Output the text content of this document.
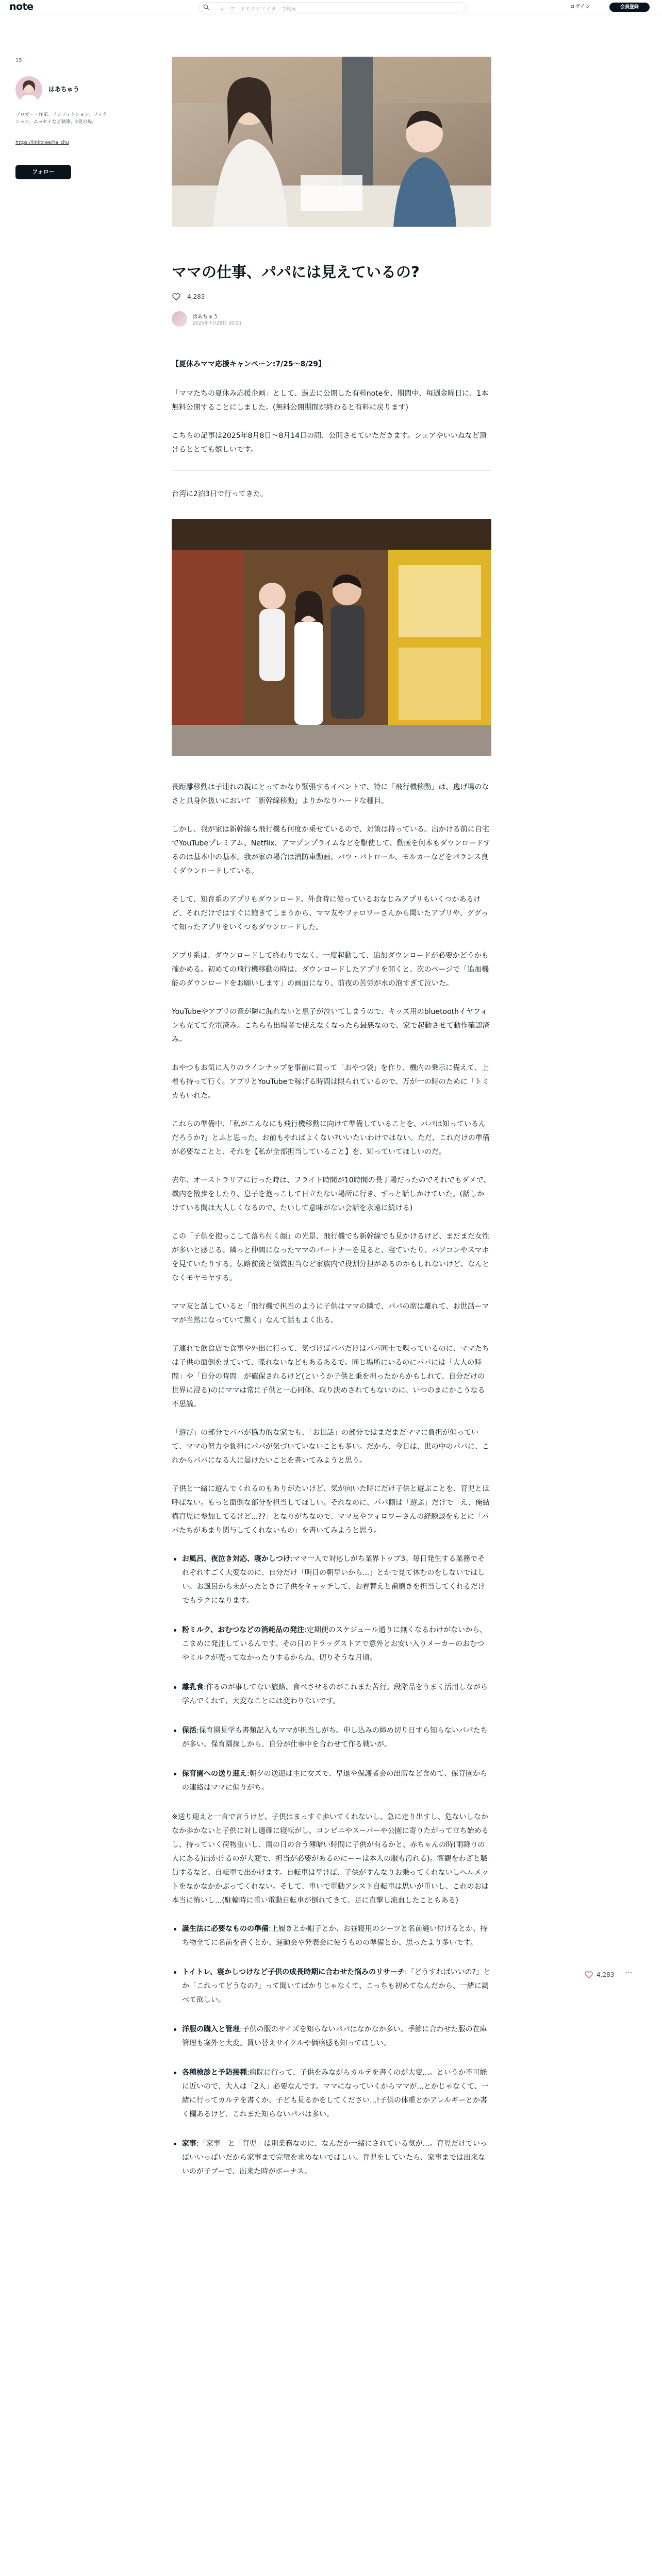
note	キーワードやクリエイターで検索	ログイン	会員登録
15
はあちゅう
ブロガー・作家。ノンフィクション、フィクション、エッセイなど執筆。2児の母。
https://linktr.ee/ha_chu
フォロー
ママの仕事、パパには見えているの?
4,283
はあちゅう
2025年7月28日 10:51

【夏休みママ応援キャンペーン:7/25〜8/29】

「ママたちの夏休み応援企画」として、過去に公開した有料noteを、期間中、毎週金曜日に、1本無料公開することにしました。(無料公開期間が終わると有料に戻ります)

こちらの記事は2025年8月8日〜8月14日の間、公開させていただきます。シェアやいいねなど頂けるととても嬉しいです。

台湾に2泊3日で行ってきた。

長距離移動は子連れの親にとってかなり緊張するイベントで、特に「飛行機移動」は、逃げ場のなさと具身体扱いにおいて「新幹線移動」よりかなりハードな種目。

しかし、我が家は新幹線も飛行機も何度か乗せているので、対策は持っている。出かける前に自宅でYouTubeプレミアム、Netflix、アマゾンプライムなどを駆使して、動画を何本もダウンロードするのは基本中の基本。我が家の場合は消防車動画、パウ・パトロール、モルカーなどをパランス良くダウンロードしている。

そして、知育系のアプリもダウンロード。外食時に使っているおなじみアプリもいくつかあるけど、それだけではすぐに飽きてしまうから、ママ友やフォロワーさんから聞いたアプリや、ググって知ったアプリをいくつもダウンロードした。

アプリ系は、ダウンロードして終わりでなく、一度起動して、追加ダウンロードが必要かどうかも確かめる。初めての飛行機移動の時は、ダウンロードしたアプリを開くと、次のページで「追加機能のダウンロードをお願いします」の画面になり、前夜の苦労が水の泡すぎて泣いた。

YouTubeやアプリの音が隣に漏れないと息子が泣いてしまうので、キッズ用のbluetoothイヤフォンも充てて充電済み。こちらも出場者で使えなくなったら最悪なので、家で起動させて動作確認済み。

おやつもお気に入りのラインナップを事前に買って「おやつ袋」を作り、機内の乗示に備えて、上着も持って行く。アプリとYouTubeで稼げる時間は限られているので、万が一の時のために「トミカもいれた。

これらの準備中、「私がこんなにも飛行機移動に向けて準備していることを、パパは知っているんだろうか?」とふと思った。お前もやればよくない?いいたいわけではない。ただ、これだけの準備が必要なことと、それを【私が全部担当していること】を、知っていてほしいのだ。

去年、オーストラリアに行った時は、フライト時間が10時間の長丁場だったのでそれでもダメで、機内を散歩をしたり、息子を抱っこして日立たない場所に行き、ずっと話しかけていた。(話しかけている間は大人しくなるので、たいして意味がない会話を永遠に続ける)

この「子供を抱っこして落ち付く顔」の光景、飛行機でも新幹線でも見かけるけど、まだまだ女性が多いと感じる。隣っと仲間になったママのパートナーを見ると、寝ていたり、パソコンやスマホを見ていたりする。伝路前後と微微担当など家族内で役割分担があるのかもしれないけど、なんとなくモヤモヤする。

ママ友と話していると「飛行機で担当のように子供はママの隣で、パパの席は離れて、お世話ーママが当然になっていて驚く」なんて話もよく出る。

子連れで飲食店で食事や外出に行って、気づけばパパだけはパパ同士で喋っているのに、ママたちは子供の面倒を見ていて、喋れないなどもあるあるで。同じ場所にいるのにパパには「大人の時間」や「自分の時間」が確保されるけど(というか子供と乗を担ったからかもしれて、自分だけの世界に浸る)のにママは常に子供と一心同体、取り決めされてもないのに、いつのまにかこうなる不思議。

「遊び」の部分でパパが協力的な家でも、「お世話」の部分ではまだまだママに負担が偏っていて、ママの努力や負担にパパが気づいていないことも多い。だから、今日は、世の中のパパに、これからパパになる人に届けたいことを書いてみようと思う。

子供と一緒に遊んでくれるのもありがたいけど、気が向いた時にだけ子供と遊ぶことを、育児とは呼ばない。もっと面倒な部分を担当してほしい。それなのに、パパ側は「遊ぶ」だけで「え、俺結構育児に参加してるけど...??」となりがちなので、ママ友やフォロワーさんの経験談をもとに「パパたちがあまり関与してくれないもの」を書いてみようと思う。

お風呂、夜泣き対応、寝かしつけ:ママ一人で対応しがち業界トップ3。毎日発生する業務でそれぞれすごく大変なのに、自分だけ「明日の朝早いから...」とかで見て休むのをしないではしい。お風呂から末がったときに子供をキャッチして、お着替えと歯磨きを担当してくれるだけでもラクになります。
粉ミルク、おむつなどの消耗品の発注:定期便のスケジュール通りに無くなるわけがないから、こまめに発注しているんです。その日のドラッグストアで意外とお安い入りメーカーのおむつやミルクが売ってなかったりするからね、切りそうな月頃。
離乳食:作るのが事してない旅路、食べさせるのがこれまた苦行。段階品をうまく活用しながら学んでくれて、大変なことには変わりないです。
保活:保育園見学も書類記入もママが担当しがち。申し込みの締め切り日すら知らないパパたちが多い。保育園探しから、自分が仕事中を合わせて作る戦いが。
保育園への送り迎え:朝夕の送迎は主に女ズで、早退や保護者会の出席など含めて、保育園からの連絡はママに偏りがち。

※送り迎えと一言で言うけど、子供はまっすぐ歩いてくれないし、急に走り出すし、危ないしなかなか歩かないと子供に対し適確に寝転がし、コンビニやスーパーや公園に寄りたがって立ち始めるし、持っていく荷物重いし、雨の日の合う薄暗い時間に子供が有るかと、赤ちゃんの時(雨降りの人にある)出かけるのが大変で、担当が必要があるのにーーは本人の服も汚れる)。客観をわざと職員するなど、自転車で出かけます。自転車は早けば、子供がすんなりお乗ってくれないしヘルメットをなかなかかぶってくれない。そして、車いで電動アシスト自転車は思いが重いし、これのおは本当に怖いし...(駐輪時に重い電動自転車が倒れてきて、足に直撃し流血したこともある)

誕生法に必要なものの準備:上履きとか帽子とか、お昼寝用のシーツと名前縫い付けるとか、持ち物全てに名前を書くとか、運動会や発表会に使うものの準備とか、思ったより多いです。
トイトレ、寝かしつけなど子供の成長時期に合わせた悩みのリサーチ:「どうすればいいの?」とか「これってどうなの?」って聞いてばかりじゃなくて、こっちも初めてなんだから、一緒に調べて欲しい。
洋服の購入と管理:子供の服のサイズを知らないパパはなかなか多い。季節に合わせた服の在庫管理も案外と大変。買い替えサイクルや価格感も知ってほしい。
各種検診と予防接種:病院に行って、子供をみながらカルテを書くのが大変...。というか不可能に近いので、大人は「2人」必要なんです。ママになっていくからママが...とかじゃなくて、一緒に行ってカルテを書くか、子ども見るかをしてください...!子供の体重とかアレルギーとか書く欄あるけど、これまた知らないパパは多い。
家事:「家事」と「育児」は別業務なのに、なんだか一緒にされている気が...。育児だけでいっぱいいっぱいだから家事まで完璧を求めないではしい。育児をしていたら、家事までは出来ないのが子ブーで、出来た時がボーナス。
4,283 ···
